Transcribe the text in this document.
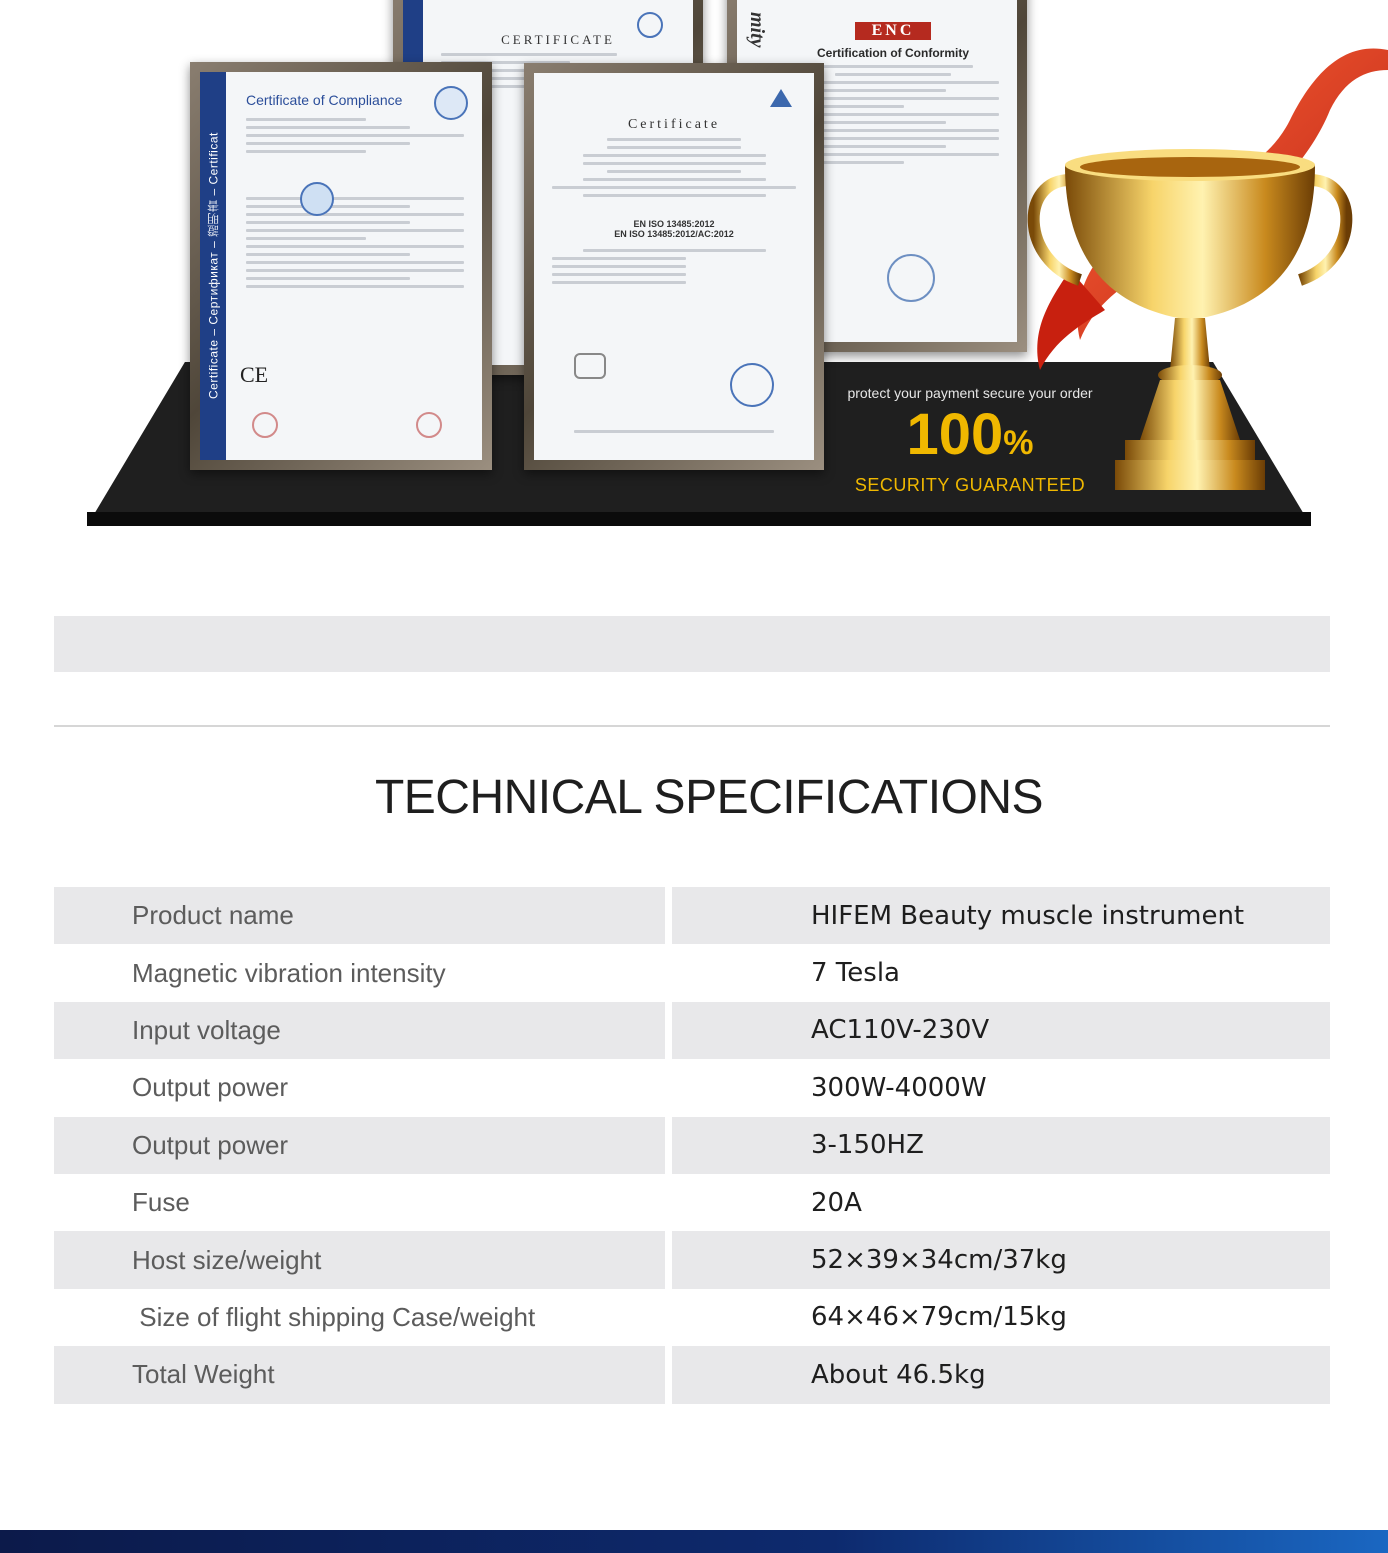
CERTIFICATE	mity	ENC
Certification of Conformity
Certificate – Сертификат – 證明書 – Certificat
Certificate of Compliance
CE
Certificate
EN ISO 13485:2012
EN ISO 13485:2012/AC:2012
protect your payment secure your order
100%
SECURITY GUARANTEED
TECHNICAL SPECIFICATIONS
Product name	HIFEM Beauty muscle instrument
Magnetic vibration intensity	7 Tesla
Input voltage	AC110V-230V
Output power	300W-4000W
Output power	3-150HZ
Fuse	20A
Host size/weight	52×39×34cm/37kg
Size of flight shipping Case/weight	64×46×79cm/15kg
Total Weight	About 46.5kg
